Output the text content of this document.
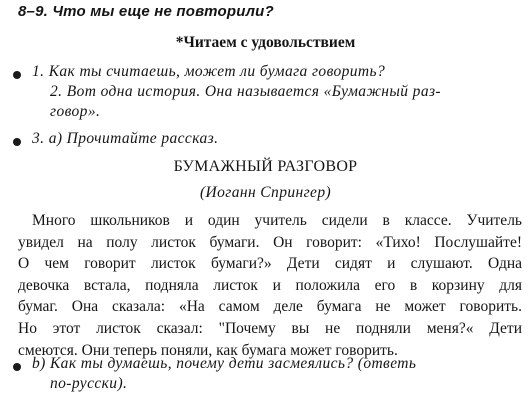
8–9. Что мы еще не повторили?
*Читаем с удовольствием
1. Как ты считаешь, может ли бумага говорить?
2. Вот одна история. Она называется «Бумажный раз-
говор».
3. а) Прочитайте рассказ.
БУМАЖНЫЙ РАЗГОВОР
(Иоганн Спрингер)
Много школьников и один учитель сидели в классе. Учитель
увидел на полу листок бумаги. Он говорит: «Тихо! Послушайте!
О чем говорит листок бумаги?» Дети сидят и слушают. Одна
девочка встала, подняла листок и положила его в корзину для
бумаг. Она сказала: «На самом деле бумага не может говорить.
Но этот листок сказал: "Почему вы не подняли меня?« Дети
смеются. Они теперь поняли, как бумага может говорить.
b) Как ты думаешь, почему дети засмеялись? (ответь
по-русски).
